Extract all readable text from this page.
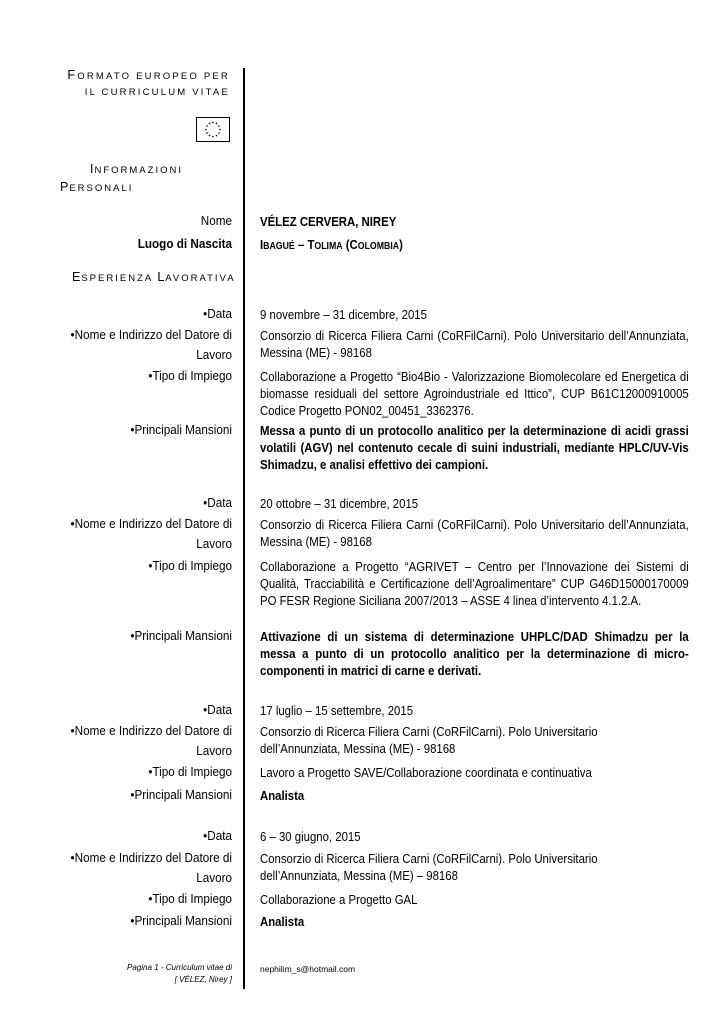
FORMATO EUROPEO PER
IL CURRICULUM VITAE
INFORMAZIONI
PERSONALI
Nome VÉLEZ CERVERA, NIREY
Luogo di Nascita IBAGUÉ – TOLIMA (COLOMBIA)
ESPERIENZA LAVORATIVA
•Data 9 novembre – 31 dicembre, 2015
•Nome e Indirizzo del Datore di
Lavoro
Consorzio di Ricerca Filiera Carni (CoRFilCarni). Polo Universitario dell’Annunziata, Messina (ME) - 98168
•Tipo di Impiego Collaborazione a Progetto “Bio4Bio - Valorizzazione Biomolecolare ed Energetica di biomasse residuali del settore Agroindustriale ed Ittico”, CUP B61C12000910005 Codice Progetto PON02_00451_3362376.
•Principali Mansioni Messa a punto di un protocollo analitico per la determinazione di acidi grassi volatili (AGV) nel contenuto cecale di suini industriali, mediante HPLC/UV-Vis Shimadzu, e analisi effettivo dei campioni.
•Data 20 ottobre – 31 dicembre, 2015
•Nome e Indirizzo del Datore di
Lavoro
Consorzio di Ricerca Filiera Carni (CoRFilCarni). Polo Universitario dell’Annunziata, Messina (ME) - 98168
•Tipo di Impiego Collaborazione a Progetto “AGRIVET – Centro per l’Innovazione dei Sistemi di Qualità, Tracciabilità e Certificazione dell’Agroalimentare” CUP G46D15000170009 PO FESR Regione Siciliana 2007/2013 – ASSE 4 linea d’intervento 4.1.2.A.
•Principali Mansioni Attivazione di un sistema di determinazione UHPLC/DAD Shimadzu per la messa a punto di un protocollo analitico per la determinazione di micro-componenti in matrici di carne e derivati.
•Data 17 luglio – 15 settembre, 2015
•Nome e Indirizzo del Datore di
Lavoro
Consorzio di Ricerca Filiera Carni (CoRFilCarni). Polo Universitario
dell’Annunziata, Messina (ME) - 98168
•Tipo di Impiego Lavoro a Progetto SAVE/Collaborazione coordinata e continuativa
•Principali Mansioni Analista
•Data 6 – 30 giugno, 2015
•Nome e Indirizzo del Datore di
Lavoro
Consorzio di Ricerca Filiera Carni (CoRFilCarni). Polo Universitario
dell’Annunziata, Messina (ME) – 98168
•Tipo di Impiego Collaborazione a Progetto GAL
•Principali Mansioni Analista
Pagina 1 - Curriculum vitae di
[ VÉLEZ, Nirey ]
nephilim_s@hotmail.com
